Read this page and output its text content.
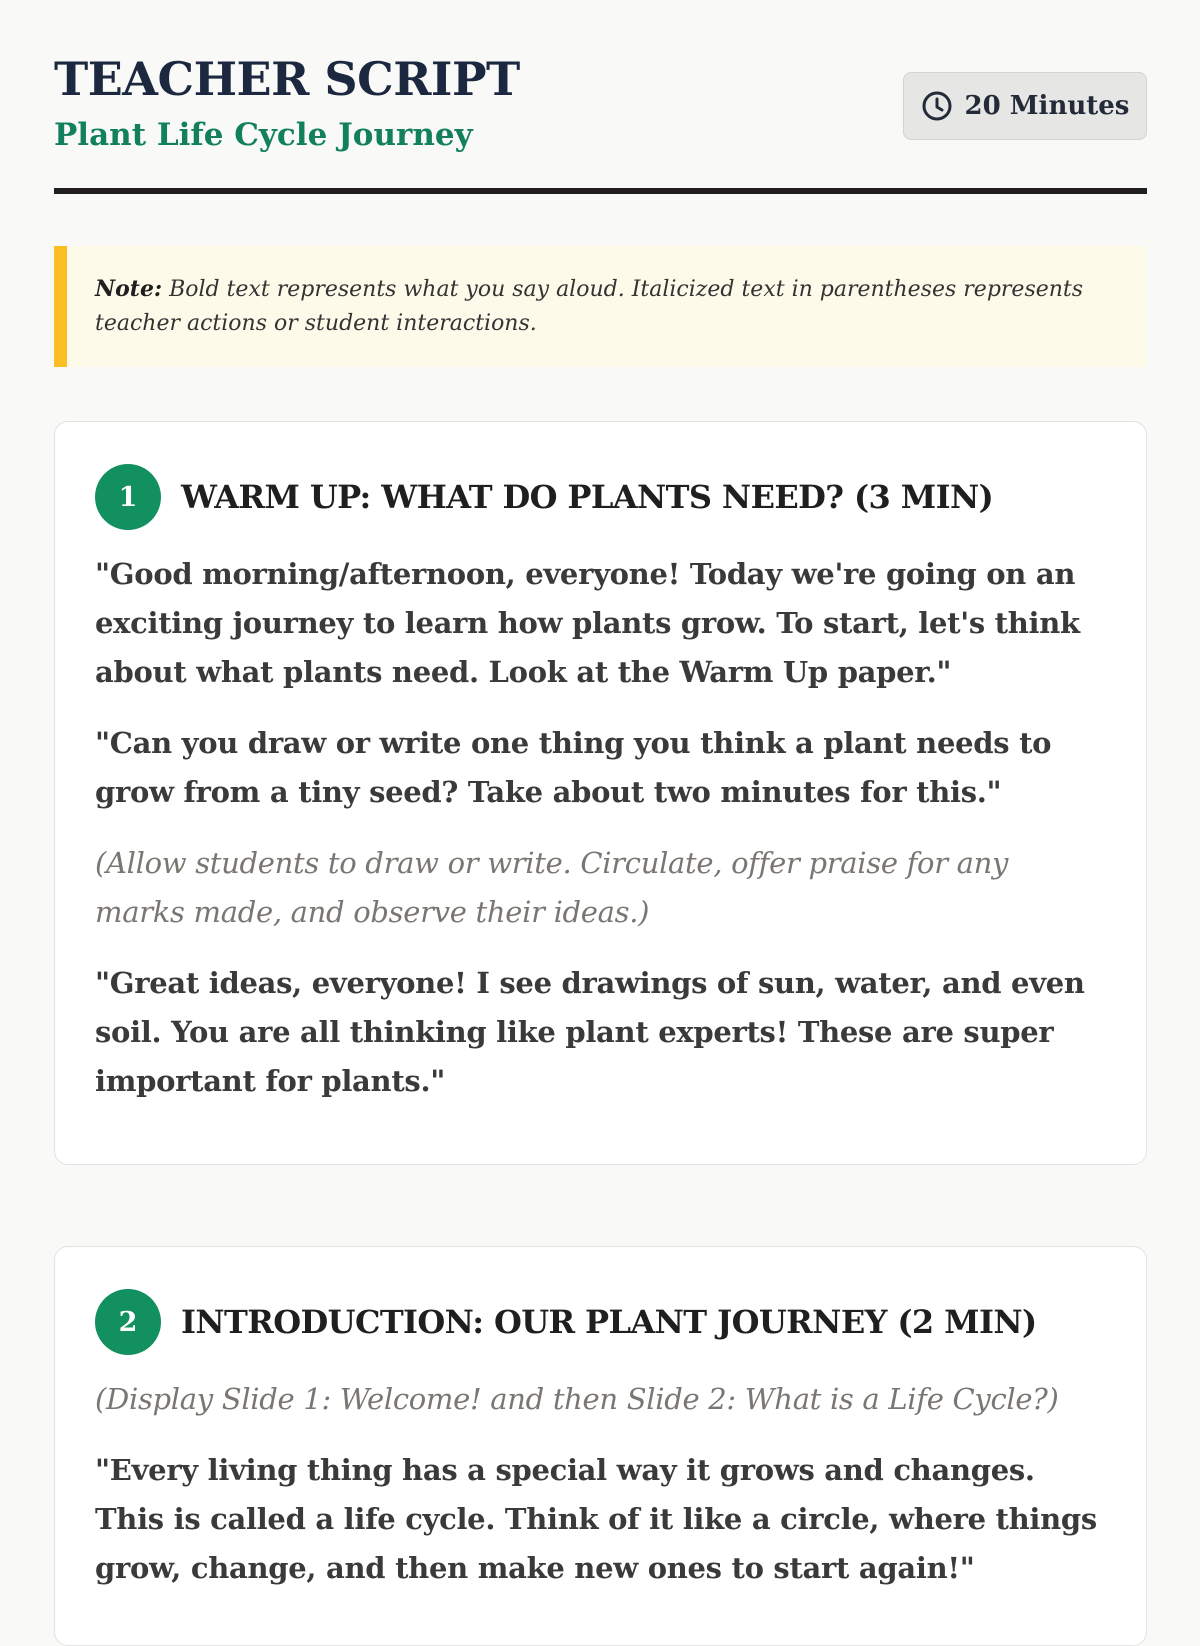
TEACHER SCRIPT
Plant Life Cycle Journey
20 Minutes
Note: Bold text represents what you say aloud. Italicized text in parentheses represents teacher actions or student interactions.
1	WARM UP: WHAT DO PLANTS NEED? (3 MIN)

"Good morning/afternoon, everyone! Today we're going on an exciting journey to learn how plants grow. To start, let's think about what plants need. Look at the Warm Up paper."

"Can you draw or write one thing you think a plant needs to grow from a tiny seed? Take about two minutes for this."

(Allow students to draw or write. Circulate, offer praise for any marks made, and observe their ideas.)

"Great ideas, everyone! I see drawings of sun, water, and even soil. You are all thinking like plant experts! These are super important for plants."

2	INTRODUCTION: OUR PLANT JOURNEY (2 MIN)

(Display Slide 1: Welcome! and then Slide 2: What is a Life Cycle?)

"Every living thing has a special way it grows and changes. This is called a life cycle. Think of it like a circle, where things grow, change, and then make new ones to start again!"
